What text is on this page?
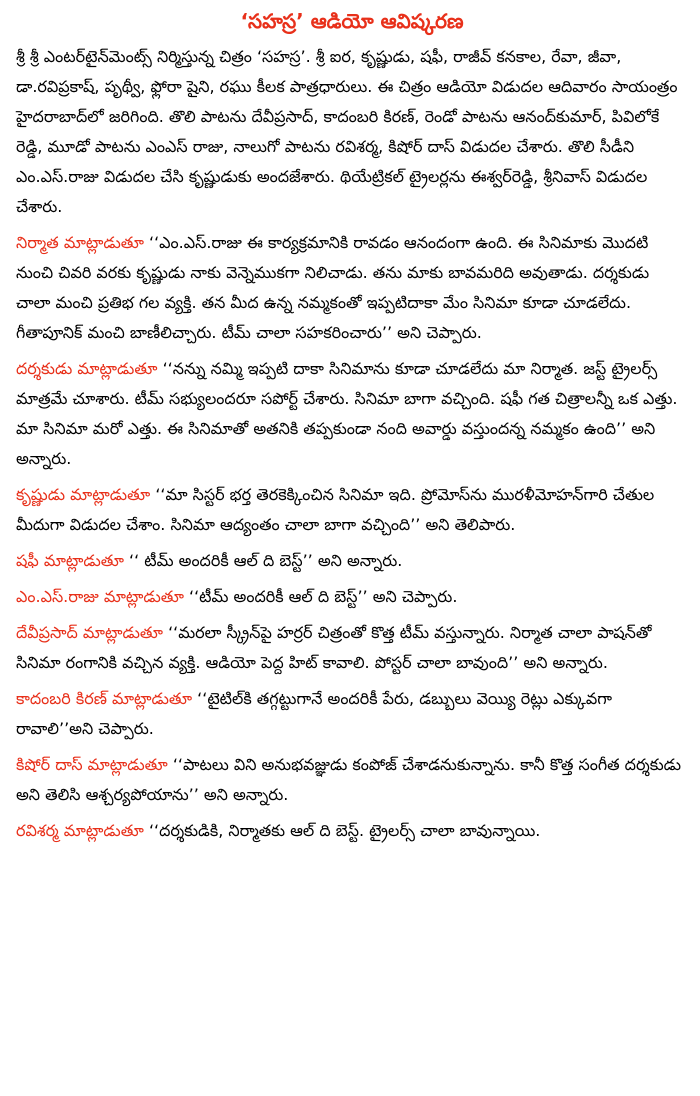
‘సహస్ర’ ఆడియో ఆవిష్కరణ

శ్రీ శ్రీ ఎంటర్‌టైన్‌మెంట్స్ నిర్మిస్తున్న చిత్రం ‘సహస్ర’. శ్రీ ఐర, కృష్ణుడు, షఫీ, రాజీవ్ కనకాల, రేవా, జీవా, డా.రవిప్రకాష్, పృథ్వీ, ఫ్లోరా షైని, రఘు కీలక పాత్రధారులు. ఈ చిత్రం ఆడియో విడుదల ఆదివారం సాయంత్రం హైదరాబాద్‌లో జరిగింది. తొలి పాటను దేవీప్రసాద్, కాదంబరి కిరణ్, రెండో పాటను ఆనంద్‌కుమార్, పివిలోకే రెడ్డి, మూడో పాటను ఎంఎస్ రాజు, నాలుగో పాటను రవిశర్మ, కిషోర్ దాస్ విడుదల చేశారు. తొలి సీడీని ఎం.ఎస్.రాజు విడుదల చేసి కృష్ణుడుకు అందజేశారు. థియేట్రికల్ ట్రైలర్లను ఈశ్వర్‌రెడ్డి, శ్రీనివాస్ విడుదల చేశారు.

నిర్మాత మాట్లాడుతూ ‘‘ఎం.ఎస్.రాజు ఈ కార్యక్రమానికి రావడం ఆనందంగా ఉంది. ఈ సినిమాకు మొదటి నుంచి చివరి వరకు కృష్ణుడు నాకు వెన్నెముకగా నిలిచాడు. తను మాకు బావమరిది అవుతాడు. దర్శకుడు చాలా మంచి ప్రతిభ గల వ్యక్తి. తన మీద ఉన్న నమ్మకంతో ఇప్పటిదాకా మేం సినిమా కూడా చూడలేదు. గీతాపూనిక్ మంచి బాణీలిచ్చారు. టీమ్ చాలా సహకరించారు’’ అని చెప్పారు.

దర్శకుడు మాట్లాడుతూ ‘‘నన్ను నమ్మి ఇప్పటి దాకా సినిమాను కూడా చూడలేదు మా నిర్మాత. జస్ట్ ట్రైలర్స్ మాత్రమే చూశారు. టీమ్ సభ్యులందరూ సపోర్ట్ చేశారు. సినిమా బాగా వచ్చింది. షఫీ గత చిత్రాలన్నీ ఒక ఎత్తు. మా సినిమా మరో ఎత్తు. ఈ సినిమాతో అతనికి తప్పకుండా నంది అవార్డు వస్తుందన్న నమ్మకం ఉంది’’ అని అన్నారు.

కృష్ణుడు మాట్లాడుతూ ‘‘మా సిస్టర్ భర్త తెరకెక్కించిన సినిమా ఇది. ప్రోమోస్‌ను మురళీమోహన్‌గారి చేతుల మీదుగా విడుదల చేశాం. సినిమా ఆద్యంతం చాలా బాగా వచ్చింది’’ అని తెలిపారు.

షఫీ మాట్లాడుతూ ‘‘ టీమ్ అందరికీ ఆల్ ది బెస్ట్’’ అని అన్నారు.

ఎం.ఎస్.రాజు మాట్లాడుతూ ‘‘టీమ్ అందరికీ ఆల్ ది బెస్ట్’’ అని చెప్పారు.

దేవీప్రసాద్ మాట్లాడుతూ ‘‘మరలా స్క్రీన్‌పై హర్రర్ చిత్రంతో కొత్త టీమ్ వస్తున్నారు. నిర్మాత చాలా పాషన్‌తో సినిమా రంగానికి వచ్చిన వ్యక్తి. ఆడియో పెద్ద హిట్ కావాలి. పోస్టర్ చాలా బావుంది’’ అని అన్నారు.

కాదంబరి కిరణ్ మాట్లాడుతూ ‘‘టైటిల్‌కి తగ్గట్టుగానే అందరికీ పేరు, డబ్బులు వెయ్యి రెట్లు ఎక్కువగా రావాలి’’అని చెప్పారు.

కిషోర్ దాస్ మాట్లాడుతూ ‘‘పాటలు విని అనుభవజ్ఞుడు కంపోజ్ చేశాడనుకున్నాను. కానీ కొత్త సంగీత దర్శకుడు అని తెలిసి ఆశ్చర్యపోయాను’’ అని అన్నారు.

రవిశర్మ మాట్లాడుతూ ‘‘దర్శకుడికి, నిర్మాతకు ఆల్ ది బెస్ట్. ట్రైలర్స్ చాలా బావున్నాయి.
